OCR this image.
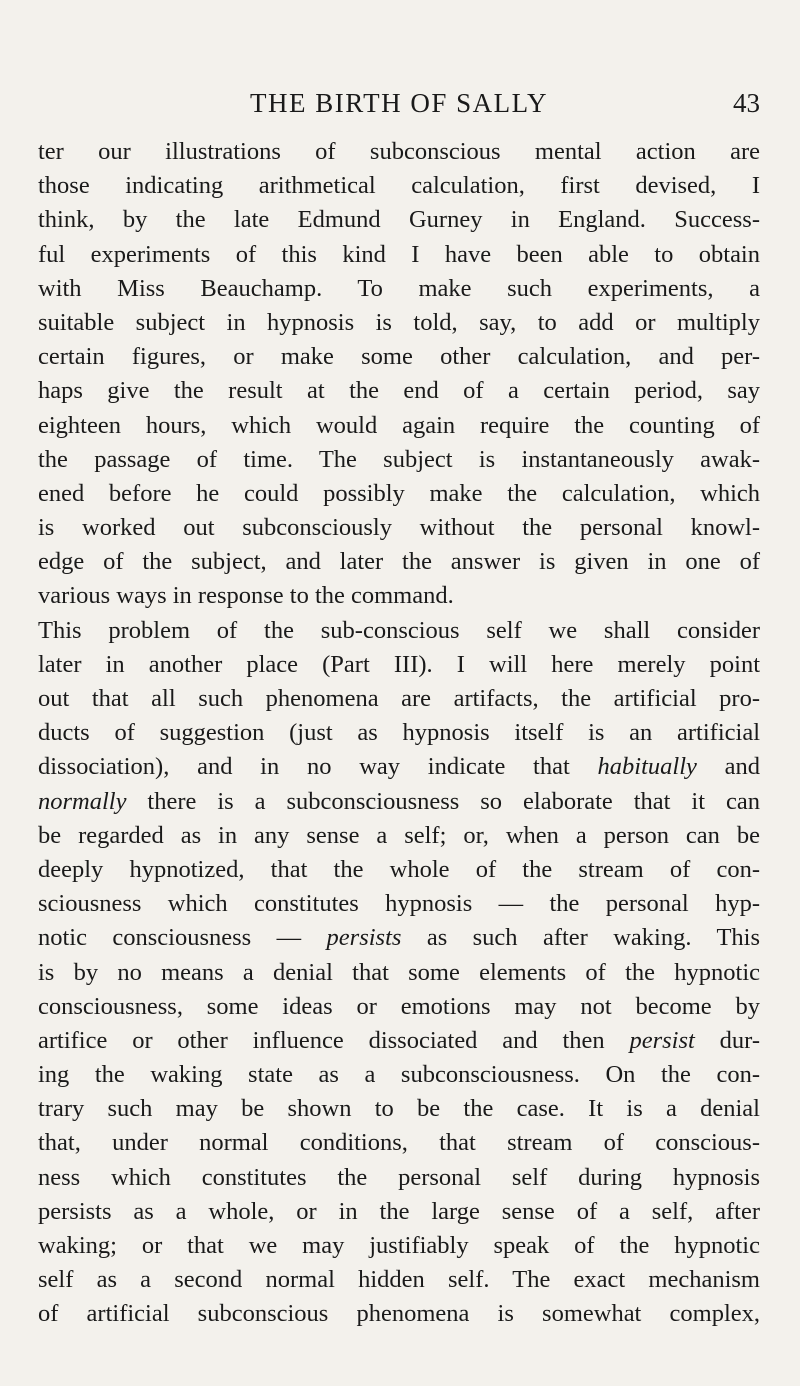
THE BIRTH OF SALLY	43
ter our illustrations of subconscious mental action are
those indicating arithmetical calculation, first devised, I
think, by the late Edmund Gurney in England. Success-
ful experiments of this kind I have been able to obtain
with Miss Beauchamp. To make such experiments, a
suitable subject in hypnosis is told, say, to add or multiply
certain figures, or make some other calculation, and per-
haps give the result at the end of a certain period, say
eighteen hours, which would again require the counting of
the passage of time. The subject is instantaneously awak-
ened before he could possibly make the calculation, which
is worked out subconsciously without the personal knowl-
edge of the subject, and later the answer is given in one of
various ways in response to the command.
This problem of the sub-conscious self we shall consider
later in another place (Part III). I will here merely point
out that all such phenomena are artifacts, the artificial pro-
ducts of suggestion (just as hypnosis itself is an artificial
dissociation), and in no way indicate that habitually and
normally there is a subconsciousness so elaborate that it can
be regarded as in any sense a self; or, when a person can be
deeply hypnotized, that the whole of the stream of con-
sciousness which constitutes hypnosis — the personal hyp-
notic consciousness — persists as such after waking. This
is by no means a denial that some elements of the hypnotic
consciousness, some ideas or emotions may not become by
artifice or other influence dissociated and then persist dur-
ing the waking state as a subconsciousness. On the con-
trary such may be shown to be the case. It is a denial
that, under normal conditions, that stream of conscious-
ness which constitutes the personal self during hypnosis
persists as a whole, or in the large sense of a self, after
waking; or that we may justifiably speak of the hypnotic
self as a second normal hidden self. The exact mechanism
of artificial subconscious phenomena is somewhat complex,
